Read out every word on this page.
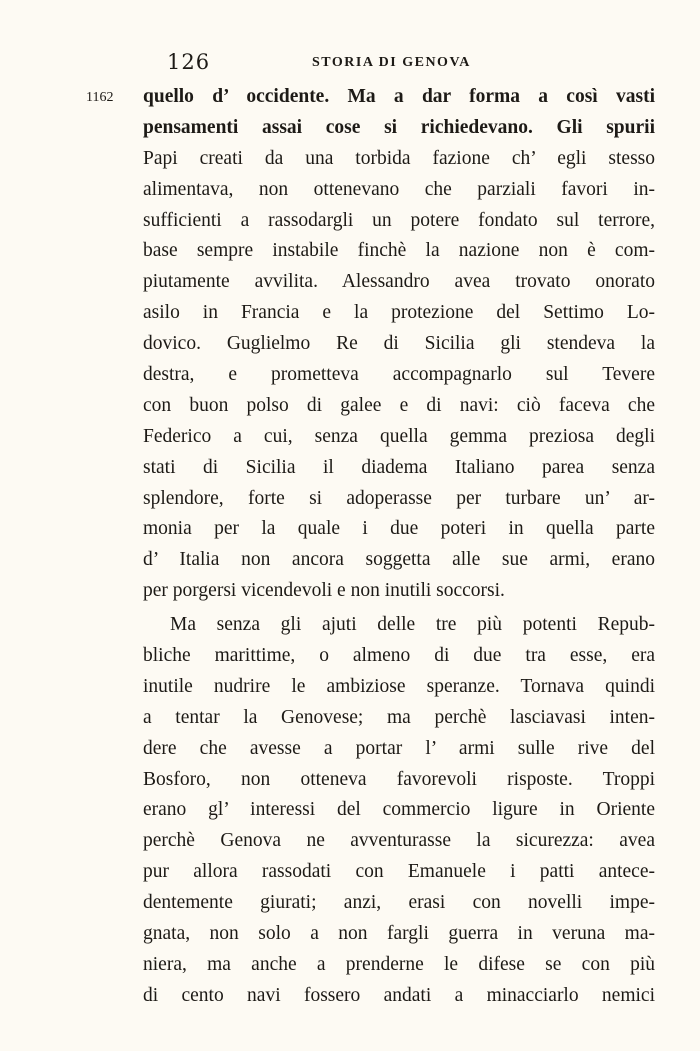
126	STORIA DI GENOVA
1162 quello d’ occidente. Ma a dar forma a così vasti
pensamenti assai cose si richiedevano. Gli spurii
Papi creati da una torbida fazione ch’ egli stesso
alimentava, non ottenevano che parziali favori in-
sufficienti a rassodargli un potere fondato sul terrore,
base sempre instabile finchè la nazione non è com-
piutamente avvilita. Alessandro avea trovato onorato
asilo in Francia e la protezione del Settimo Lo-
dovico. Guglielmo Re di Sicilia gli stendeva la
destra, e prometteva accompagnarlo sul Tevere
con buon polso di galee e di navi: ciò faceva che
Federico a cui, senza quella gemma preziosa degli
stati di Sicilia il diadema Italiano parea senza
splendore, forte si adoperasse per turbare un’ ar-
monia per la quale i due poteri in quella parte
d’ Italia non ancora soggetta alle sue armi, erano
per porgersi vicendevoli e non inutili soccorsi.
Ma senza gli ajuti delle tre più potenti Repub-
bliche marittime, o almeno di due tra esse, era
inutile nudrire le ambiziose speranze. Tornava quindi
a tentar la Genovese; ma perchè lasciavasi inten-
dere che avesse a portar l’ armi sulle rive del
Bosforo, non otteneva favorevoli risposte. Troppi
erano gl’ interessi del commercio ligure in Oriente
perchè Genova ne avventurasse la sicurezza: avea
pur allora rassodati con Emanuele i patti antece-
dentemente giurati; anzi, erasi con novelli impe-
gnata, non solo a non fargli guerra in veruna ma-
niera, ma anche a prenderne le difese se con più
di cento navi fossero andati a minacciarlo nemici
